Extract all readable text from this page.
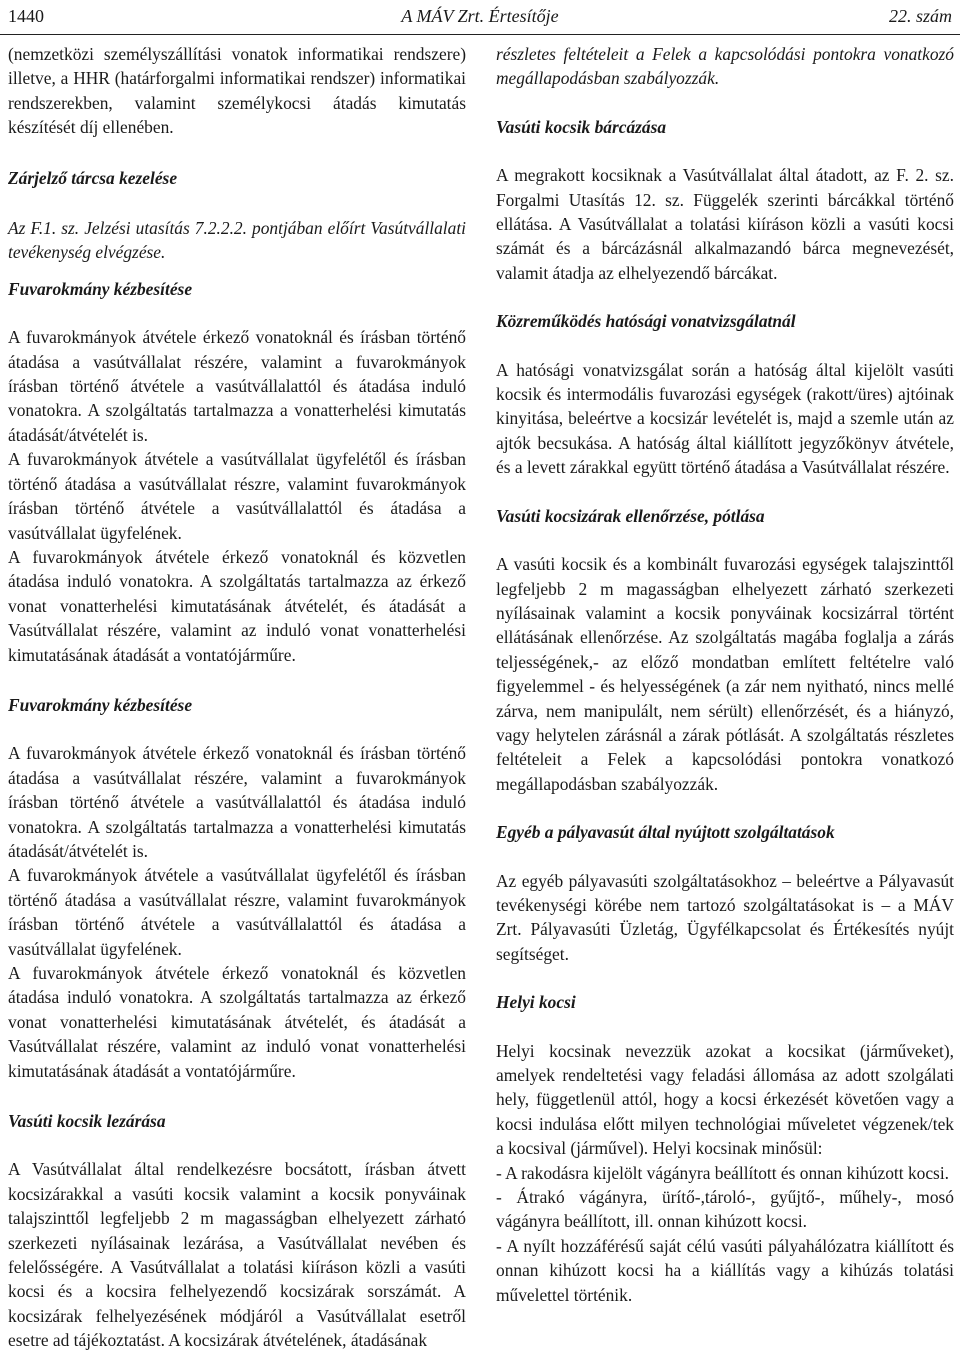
1440	A MÁV Zrt. Értesítője	22. szám

(nemzetközi személyszállítási vonatok informatikai rendszere) illetve, a HHR (határforgalmi informatikai rendszer) informatikai rendszerekben, valamint személykocsi átadás kimutatás készítését díj ellenében.

Zárjelző tárcsa kezelése

Az F.1. sz. Jelzési utasítás 7.2.2.2. pontjában előírt Vasútvállalati tevékenység elvégzése.

Fuvarokmány kézbesítése

A fuvarokmányok átvétele érkező vonatoknál és írásban történő átadása a vasútvállalat részére, valamint a fuvarokmányok írásban történő átvétele a vasútvállalattól és átadása induló vonatokra. A szolgáltatás tartalmazza a vonatterhelési kimutatás átadását/átvételét is.

A fuvarokmányok átvétele a vasútvállalat ügyfelétől és írásban történő átadása a vasútvállalat részre, valamint fuvarokmányok írásban történő átvétele a vasútvállalattól és átadása a vasútvállalat ügyfelének.

A fuvarokmányok átvétele érkező vonatoknál és közvetlen átadása induló vonatokra. A szolgáltatás tartalmazza az érkező vonat vonatterhelési kimutatásának átvételét, és átadását a Vasútvállalat részére, valamint az induló vonat vonatterhelési kimutatásának átadását a vontatójárműre.

Fuvarokmány kézbesítése

A fuvarokmányok átvétele érkező vonatoknál és írásban történő átadása a vasútvállalat részére, valamint a fuvarokmányok írásban történő átvétele a vasútvállalattól és átadása induló vonatokra. A szolgáltatás tartalmazza a vonatterhelési kimutatás átadását/átvételét is.

A fuvarokmányok átvétele a vasútvállalat ügyfelétől és írásban történő átadása a vasútvállalat részre, valamint fuvarokmányok írásban történő átvétele a vasútvállalattól és átadása a vasútvállalat ügyfelének.

A fuvarokmányok átvétele érkező vonatoknál és közvetlen átadása induló vonatokra. A szolgáltatás tartalmazza az érkező vonat vonatterhelési kimutatásának átvételét, és átadását a Vasútvállalat részére, valamint az induló vonat vonatterhelési kimutatásának átadását a vontatójárműre.

Vasúti kocsik lezárása

A Vasútvállalat által rendelkezésre bocsátott, írásban átvett kocsizárakkal a vasúti kocsik valamint a kocsik ponyváinak talajszinttől legfeljebb 2 m magasságban elhelyezett zárható szerkezeti nyílásainak lezárása, a Vasútvállalat nevében és felelősségére. A Vasútvállalat a tolatási kiíráson közli a vasúti kocsi és a kocsira felhelyezendő kocsizárak sorszámát. A kocsizárak felhelyezésének módjáról a Vasútvállalat esetről esetre ad tájékoztatást. A kocsizárak átvételének, átadásának

részletes feltételeit a Felek a kapcsolódási pontokra vonatkozó megállapodásban szabályozzák.

Vasúti kocsik bárcázása

A megrakott kocsiknak a Vasútvállalat által átadott, az F. 2. sz. Forgalmi Utasítás 12. sz. Függelék szerinti bárcákkal történő ellátása. A Vasútvállalat a tolatási kiíráson közli a vasúti kocsi számát és a bárcázásnál alkalmazandó bárca megnevezését, valamit átadja az elhelyezendő bárcákat.

Közreműködés hatósági vonatvizsgálatnál

A hatósági vonatvizsgálat során a hatóság által kijelölt vasúti kocsik és intermodális fuvarozási egységek (rakott/üres) ajtóinak kinyitása, beleértve a kocsizár levételét is, majd a szemle után az ajtók becsukása. A hatóság által kiállított jegyzőkönyv átvétele, és a levett zárakkal együtt történő átadása a Vasútvállalat részére.

Vasúti kocsizárak ellenőrzése, pótlása

A vasúti kocsik és a kombinált fuvarozási egységek talajszinttől legfeljebb 2 m magasságban elhelyezett zárható szerkezeti nyílásainak valamint a kocsik ponyváinak kocsizárral történt ellátásának ellenőrzése. Az szolgáltatás magába foglalja a zárás teljességének,- az előző mondatban említett feltételre való figyelemmel - és helyességének (a zár nem nyitható, nincs mellé zárva, nem manipulált, nem sérült) ellenőrzését, és a hiányzó, vagy helytelen zárásnál a zárak pótlását. A szolgáltatás részletes feltételeit a Felek a kapcsolódási pontokra vonatkozó megállapodásban szabályozzák.

Egyéb a pályavasút által nyújtott szolgáltatások

Az egyéb pályavasúti szolgáltatásokhoz – beleértve a Pályavasút tevékenységi körébe nem tartozó szolgáltatásokat is – a MÁV Zrt. Pályavasúti Üzletág, Ügyfélkapcsolat és Értékesítés nyújt segítséget.

Helyi kocsi

Helyi kocsinak nevezzük azokat a kocsikat (járműveket), amelyek rendeltetési vagy feladási állomása az adott szolgálati hely, függetlenül attól, hogy a kocsi érkezését követően vagy a kocsi indulása előtt milyen technológiai műveletet végzenek/tek a kocsival (járművel). Helyi kocsinak minősül:

- A rakodásra kijelölt vágányra beállított és onnan kihúzott kocsi.

- Átrakó vágányra, ürítő-,tároló-, gyűjtő-, műhely-, mosó vágányra beállított, ill. onnan kihúzott kocsi.

- A nyílt hozzáférésű saját célú vasúti pályahálózatra kiállított és onnan kihúzott kocsi ha a kiállítás vagy a kihúzás tolatási művelettel történik.
